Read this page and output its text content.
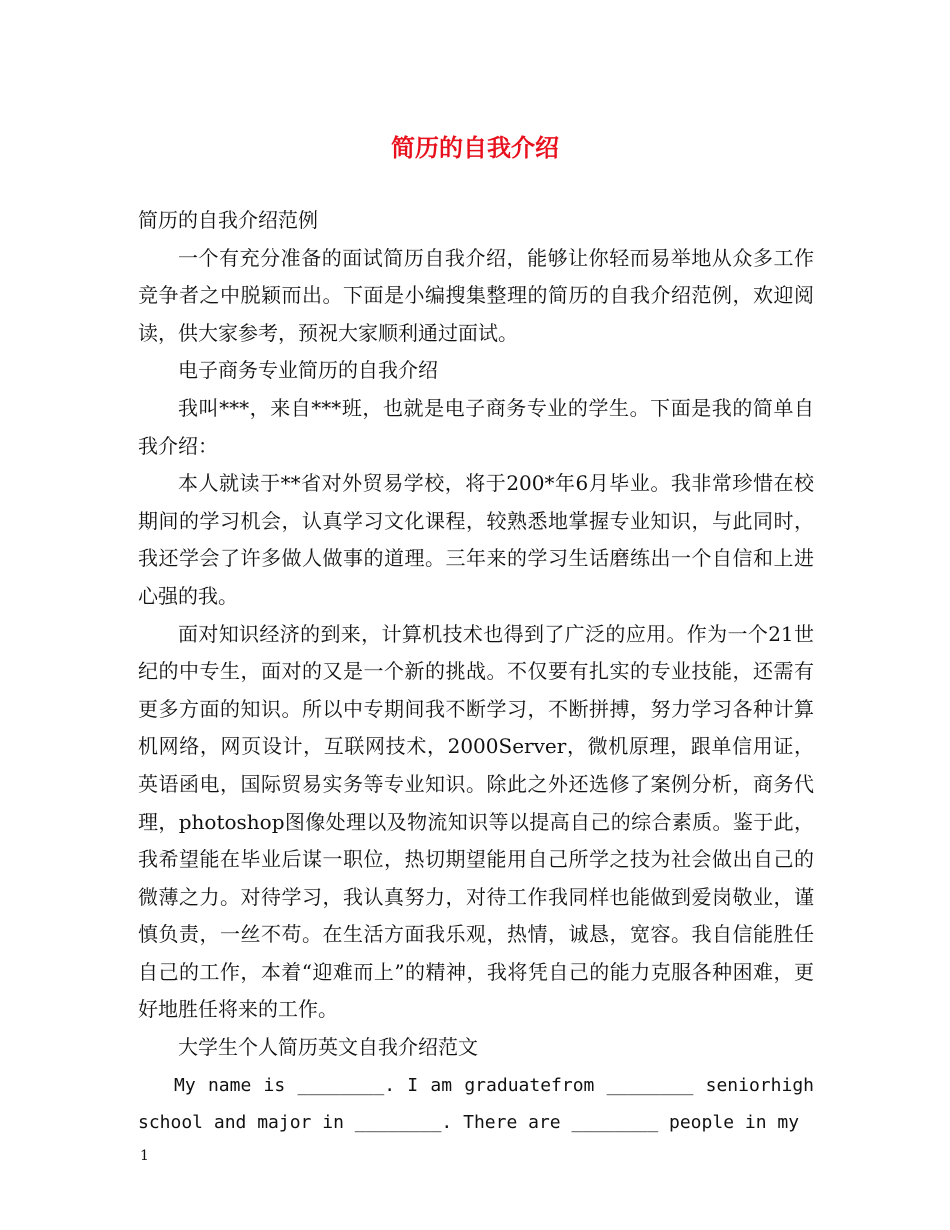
简历的自我介绍

简历的自我介绍范例

一个有充分准备的面试简历自我介绍，能够让你轻而易举地从众多工作竞争者之中脱颖而出。下面是小编搜集整理的简历的自我介绍范例，欢迎阅读，供大家参考，预祝大家顺利通过面试。

电子商务专业简历的自我介绍

我叫***，来自***班，也就是电子商务专业的学生。下面是我的简单自我介绍：

本人就读于**省对外贸易学校，将于200*年6月毕业。我非常珍惜在校期间的学习机会，认真学习文化课程，较熟悉地掌握专业知识，与此同时，我还学会了许多做人做事的道理。三年来的学习生话磨练出一个自信和上进心强的我。

面对知识经济的到来，计算机技术也得到了广泛的应用。作为一个21世纪的中专生，面对的又是一个新的挑战。不仅要有扎实的专业技能，还需有更多方面的知识。所以中专期间我不断学习，不断拼搏，努力学习各种计算机网络，网页设计，互联网技术，2000Server，微机原理，跟单信用证，英语函电，国际贸易实务等专业知识。除此之外还选修了案例分析，商务代理，photoshop图像处理以及物流知识等以提高自己的综合素质。鉴于此，我希望能在毕业后谋一职位，热切期望能用自己所学之技为社会做出自己的微薄之力。对待学习，我认真努力，对待工作我同样也能做到爱岗敬业，谨慎负责，一丝不苟。在生活方面我乐观，热情，诚恳，宽容。我自信能胜任自己的工作，本着“迎难而上”的精神，我将凭自己的能力克服各种困难，更好地胜任将来的工作。

大学生个人简历英文自我介绍范文

My name is ________. I am graduatefrom ________ seniorhigh school and major in ________. There are ________ people in my

1
